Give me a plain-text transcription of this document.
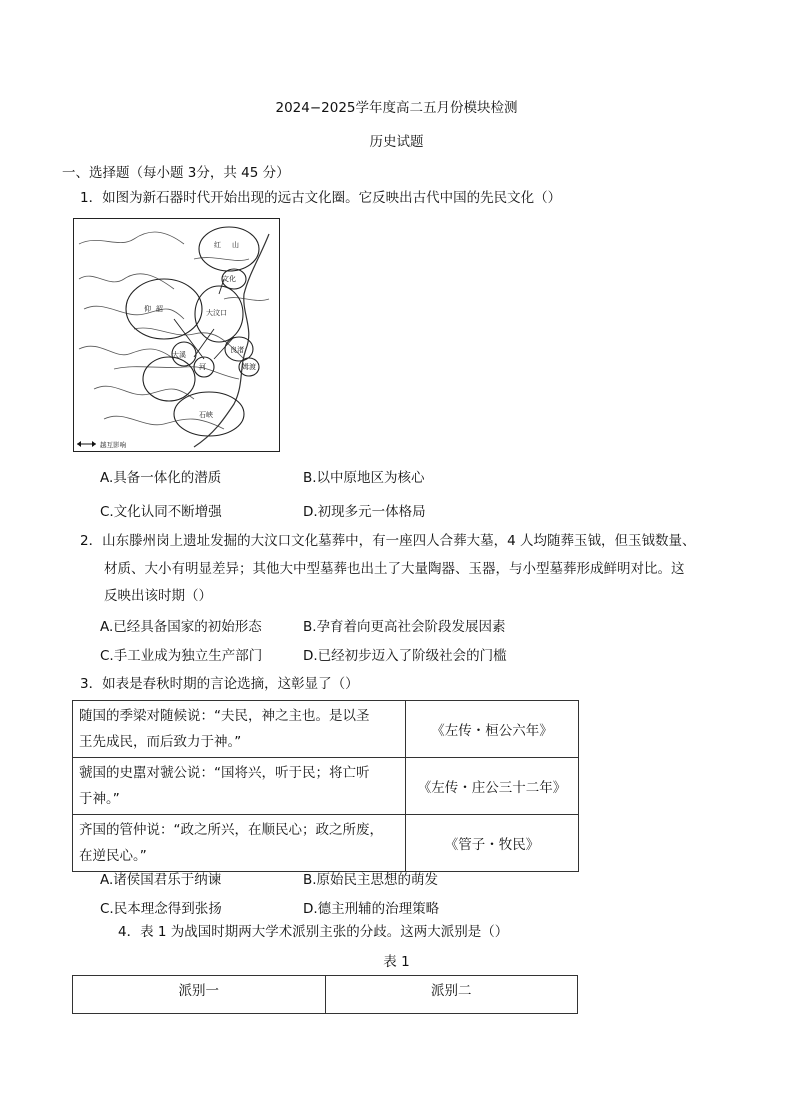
2024−2025学年度高二五月份模块检测
历史试题
一、选择题（每小题 3分，共 45 分）
1．如图为新石器时代开始出现的远古文化圈。它反映出古代中国的先民文化（）
红 山
文化
仰 韶	大汶口
大溪
河	姆渡
良渚
石峡
越互影响
A.具备一体化的潜质	B.以中原地区为核心
C.文化认同不断增强	D.初现多元一体格局
2．山东滕州岗上遗址发掘的大汶口文化墓葬中，有一座四人合葬大墓，4 人均随葬玉钺，但玉钺数量、
材质、大小有明显差异；其他大中型墓葬也出土了大量陶器、玉器，与小型墓葬形成鲜明对比。这
反映出该时期（）
A.已经具备国家的初始形态	B.孕育着向更高社会阶段发展因素
C.手工业成为独立生产部门	D.已经初步迈入了阶级社会的门槛
3．如表是春秋时期的言论选摘，这彰显了（）
随国的季梁对随候说：“夫民，神之主也。是以圣
王先成民，而后致力于神。”	《左传・桓公六年》

虢国的史嚚对虢公说：“国将兴，听于民；将亡听
于神。”	《左传・庄公三十二年》

齐国的管仲说：“政之所兴，在顺民心；政之所废，
在逆民心。”	《管子・牧民》
A.诸侯国君乐于纳谏	B.原始民主思想的萌发
C.民本理念得到张扬	D.德主刑辅的治理策略
4．表 1 为战国时期两大学术派别主张的分歧。这两大派别是（）
表 1
派别一	派别二
